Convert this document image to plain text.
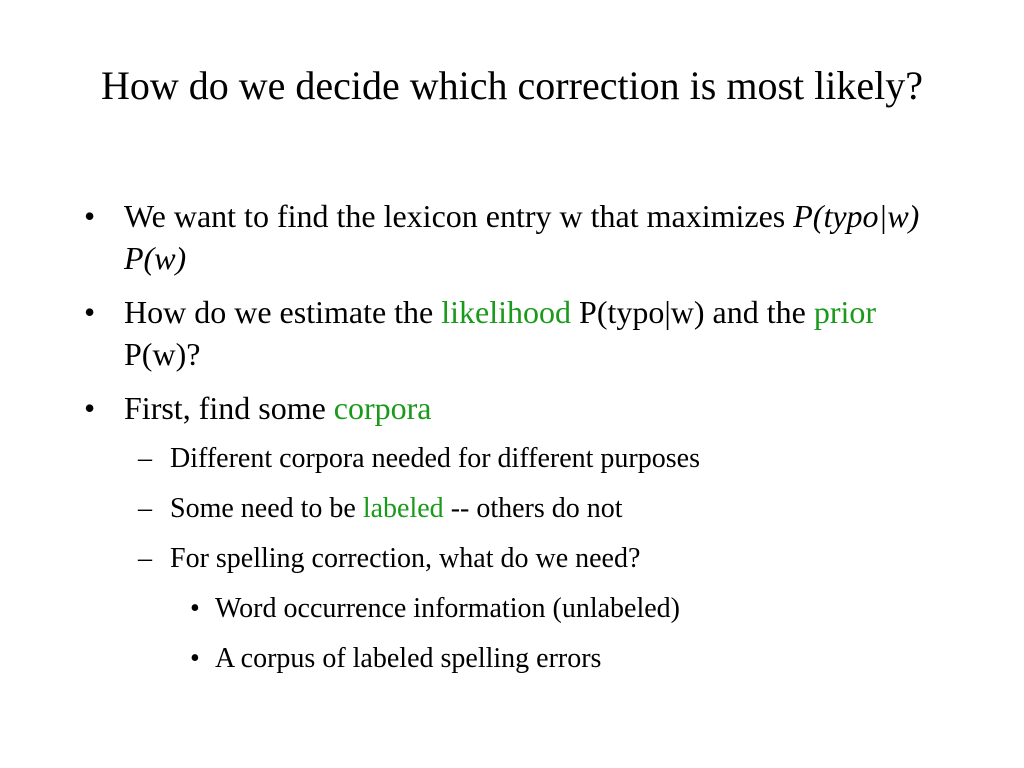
How do we decide which correction is most likely?
• We want to find the lexicon entry w that maximizes P(typo|w) P(w)
• How do we estimate the likelihood P(typo|w) and the prior P(w)?
• First, find some corpora
– Different corpora needed for different purposes
– Some need to be labeled -- others do not
– For spelling correction, what do we need?
• Word occurrence information (unlabeled)
• A corpus of labeled spelling errors
